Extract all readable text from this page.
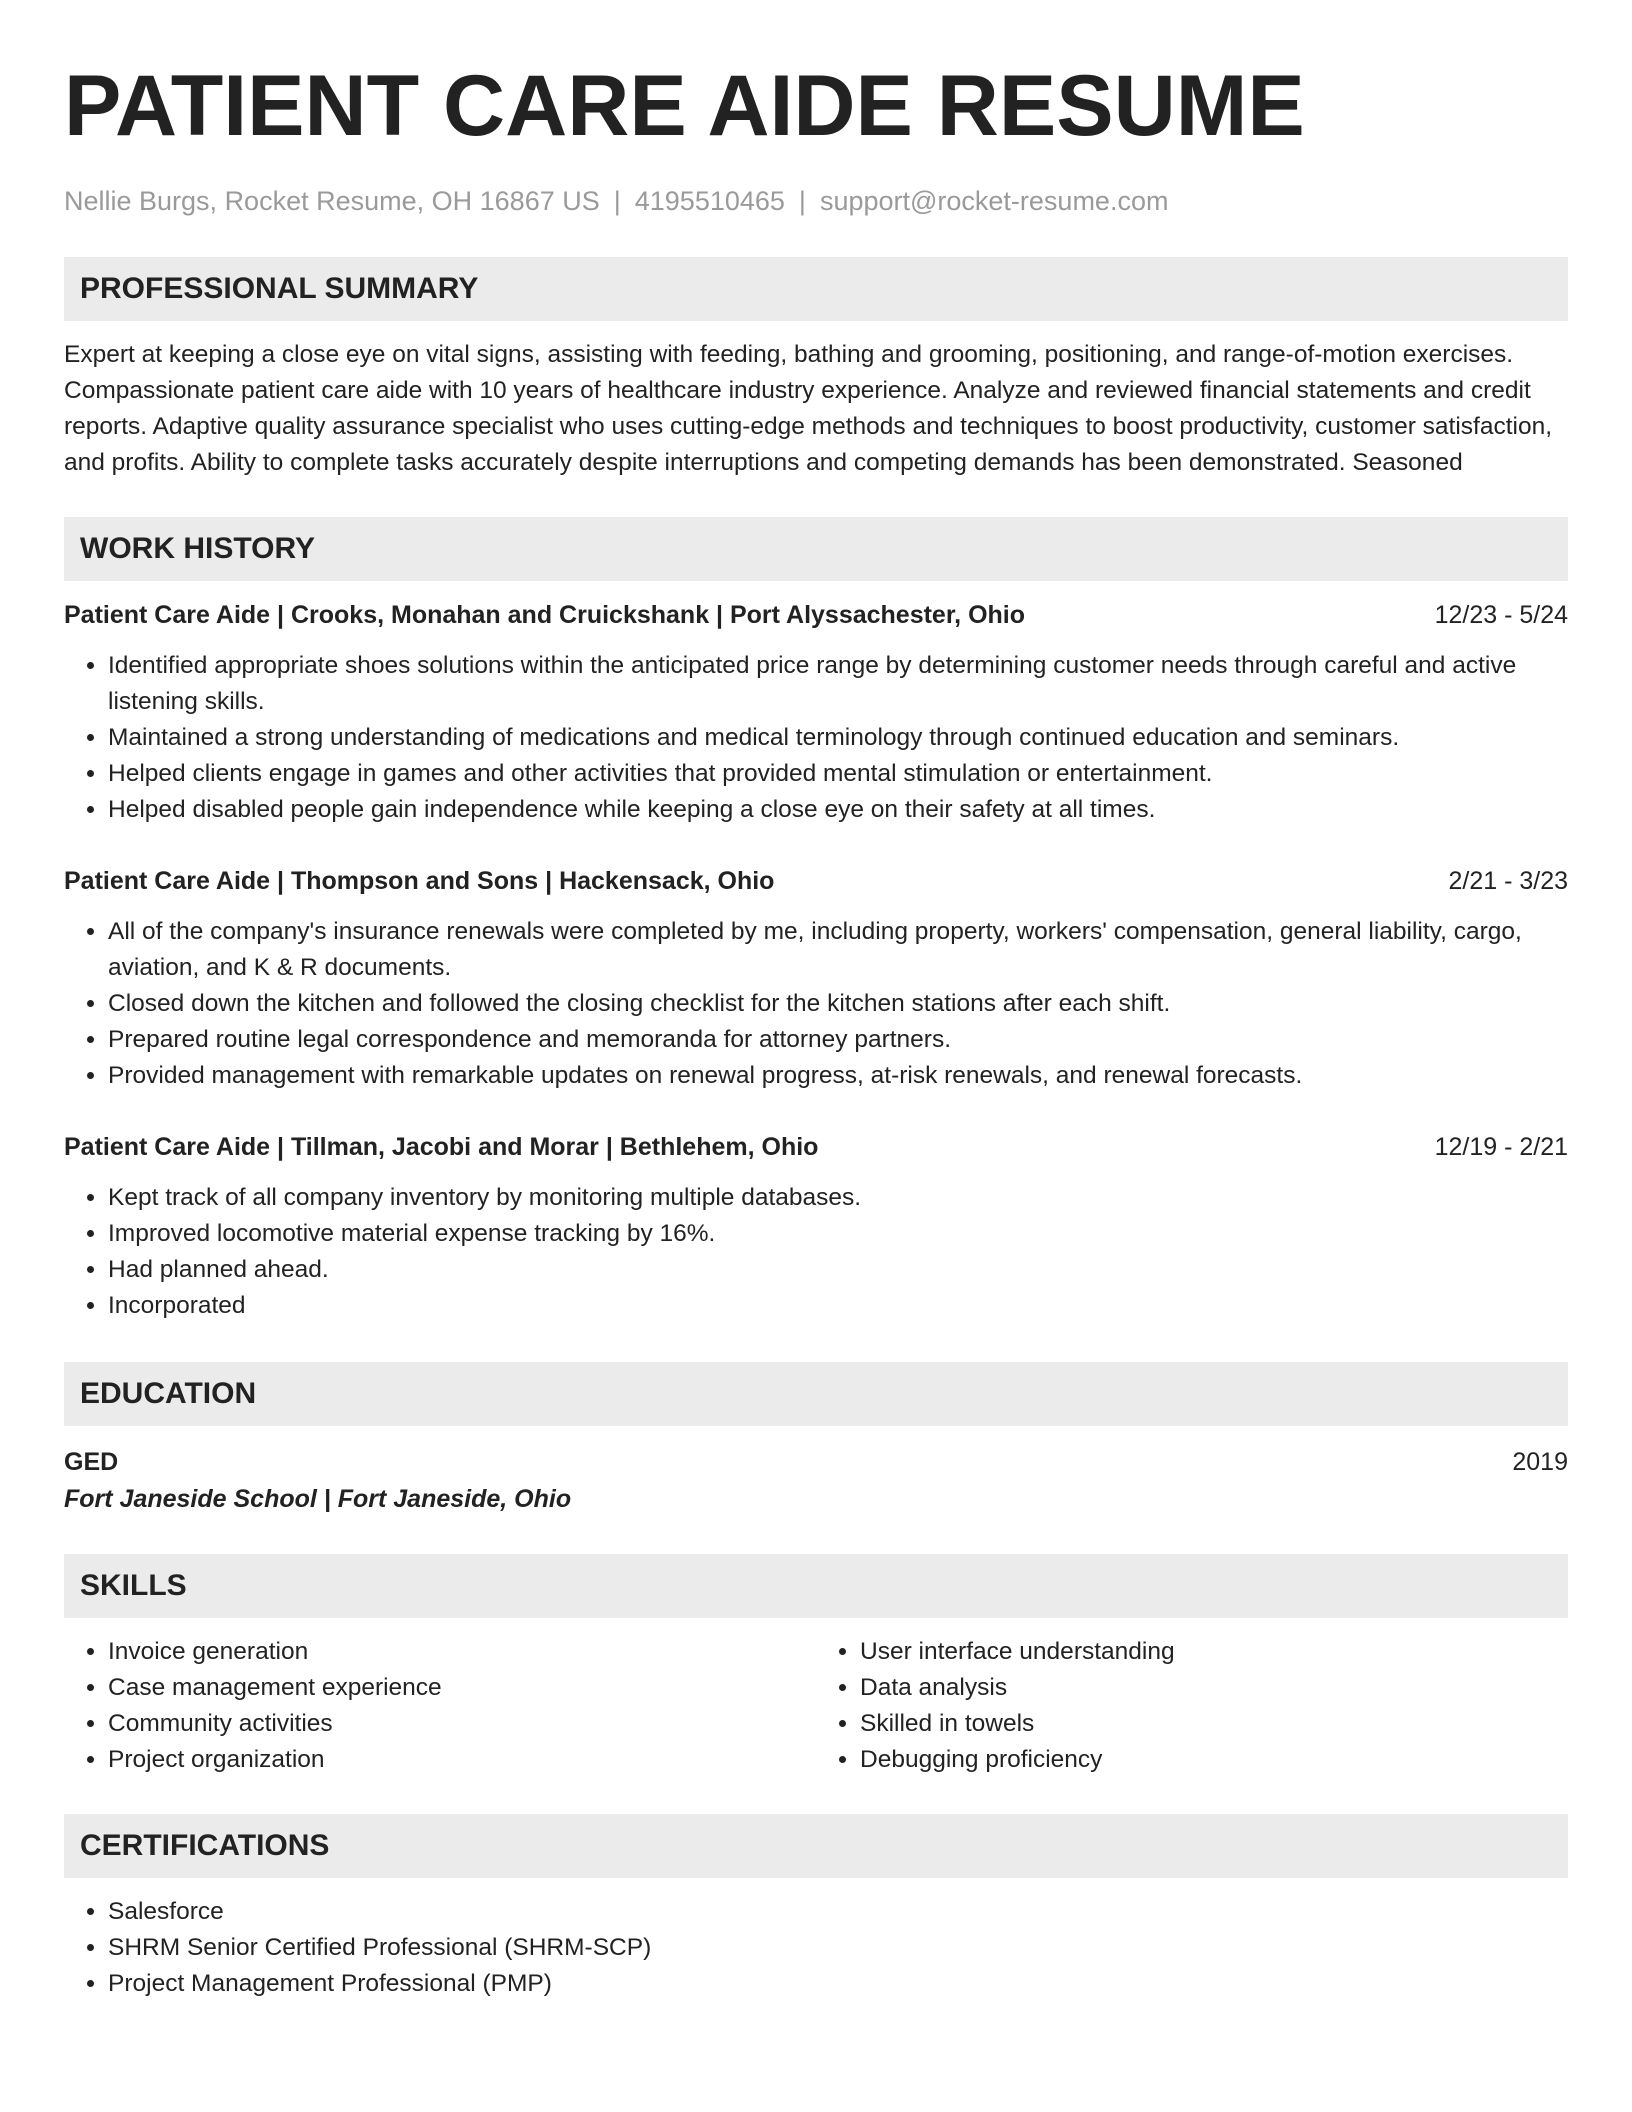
PATIENT CARE AIDE RESUME
Nellie Burgs, Rocket Resume, OH 16867 US | 4195510465 | support@rocket-resume.com
PROFESSIONAL SUMMARY
Expert at keeping a close eye on vital signs, assisting with feeding, bathing and grooming, positioning, and range-of-motion exercises. Compassionate patient care aide with 10 years of healthcare industry experience. Analyze and reviewed financial statements and credit reports. Adaptive quality assurance specialist who uses cutting-edge methods and techniques to boost productivity, customer satisfaction, and profits. Ability to complete tasks accurately despite interruptions and competing demands has been demonstrated. Seasoned
WORK HISTORY
Patient Care Aide | Crooks, Monahan and Cruickshank | Port Alyssachester, Ohio	12/23 - 5/24
• Identified appropriate shoes solutions within the anticipated price range by determining customer needs through careful and active listening skills.
• Maintained a strong understanding of medications and medical terminology through continued education and seminars.
• Helped clients engage in games and other activities that provided mental stimulation or entertainment.
• Helped disabled people gain independence while keeping a close eye on their safety at all times.
Patient Care Aide | Thompson and Sons | Hackensack, Ohio	2/21 - 3/23
• All of the company's insurance renewals were completed by me, including property, workers' compensation, general liability, cargo, aviation, and K & R documents.
• Closed down the kitchen and followed the closing checklist for the kitchen stations after each shift.
• Prepared routine legal correspondence and memoranda for attorney partners.
• Provided management with remarkable updates on renewal progress, at-risk renewals, and renewal forecasts.
Patient Care Aide | Tillman, Jacobi and Morar | Bethlehem, Ohio	12/19 - 2/21
• Kept track of all company inventory by monitoring multiple databases.
• Improved locomotive material expense tracking by 16%.
• Had planned ahead.
• Incorporated
EDUCATION
GED	2019
Fort Janeside School | Fort Janeside, Ohio
SKILLS
• Invoice generation
• Case management experience
• Community activities
• Project organization
• User interface understanding
• Data analysis
• Skilled in towels
• Debugging proficiency
CERTIFICATIONS
• Salesforce
• SHRM Senior Certified Professional (SHRM-SCP)
• Project Management Professional (PMP)
